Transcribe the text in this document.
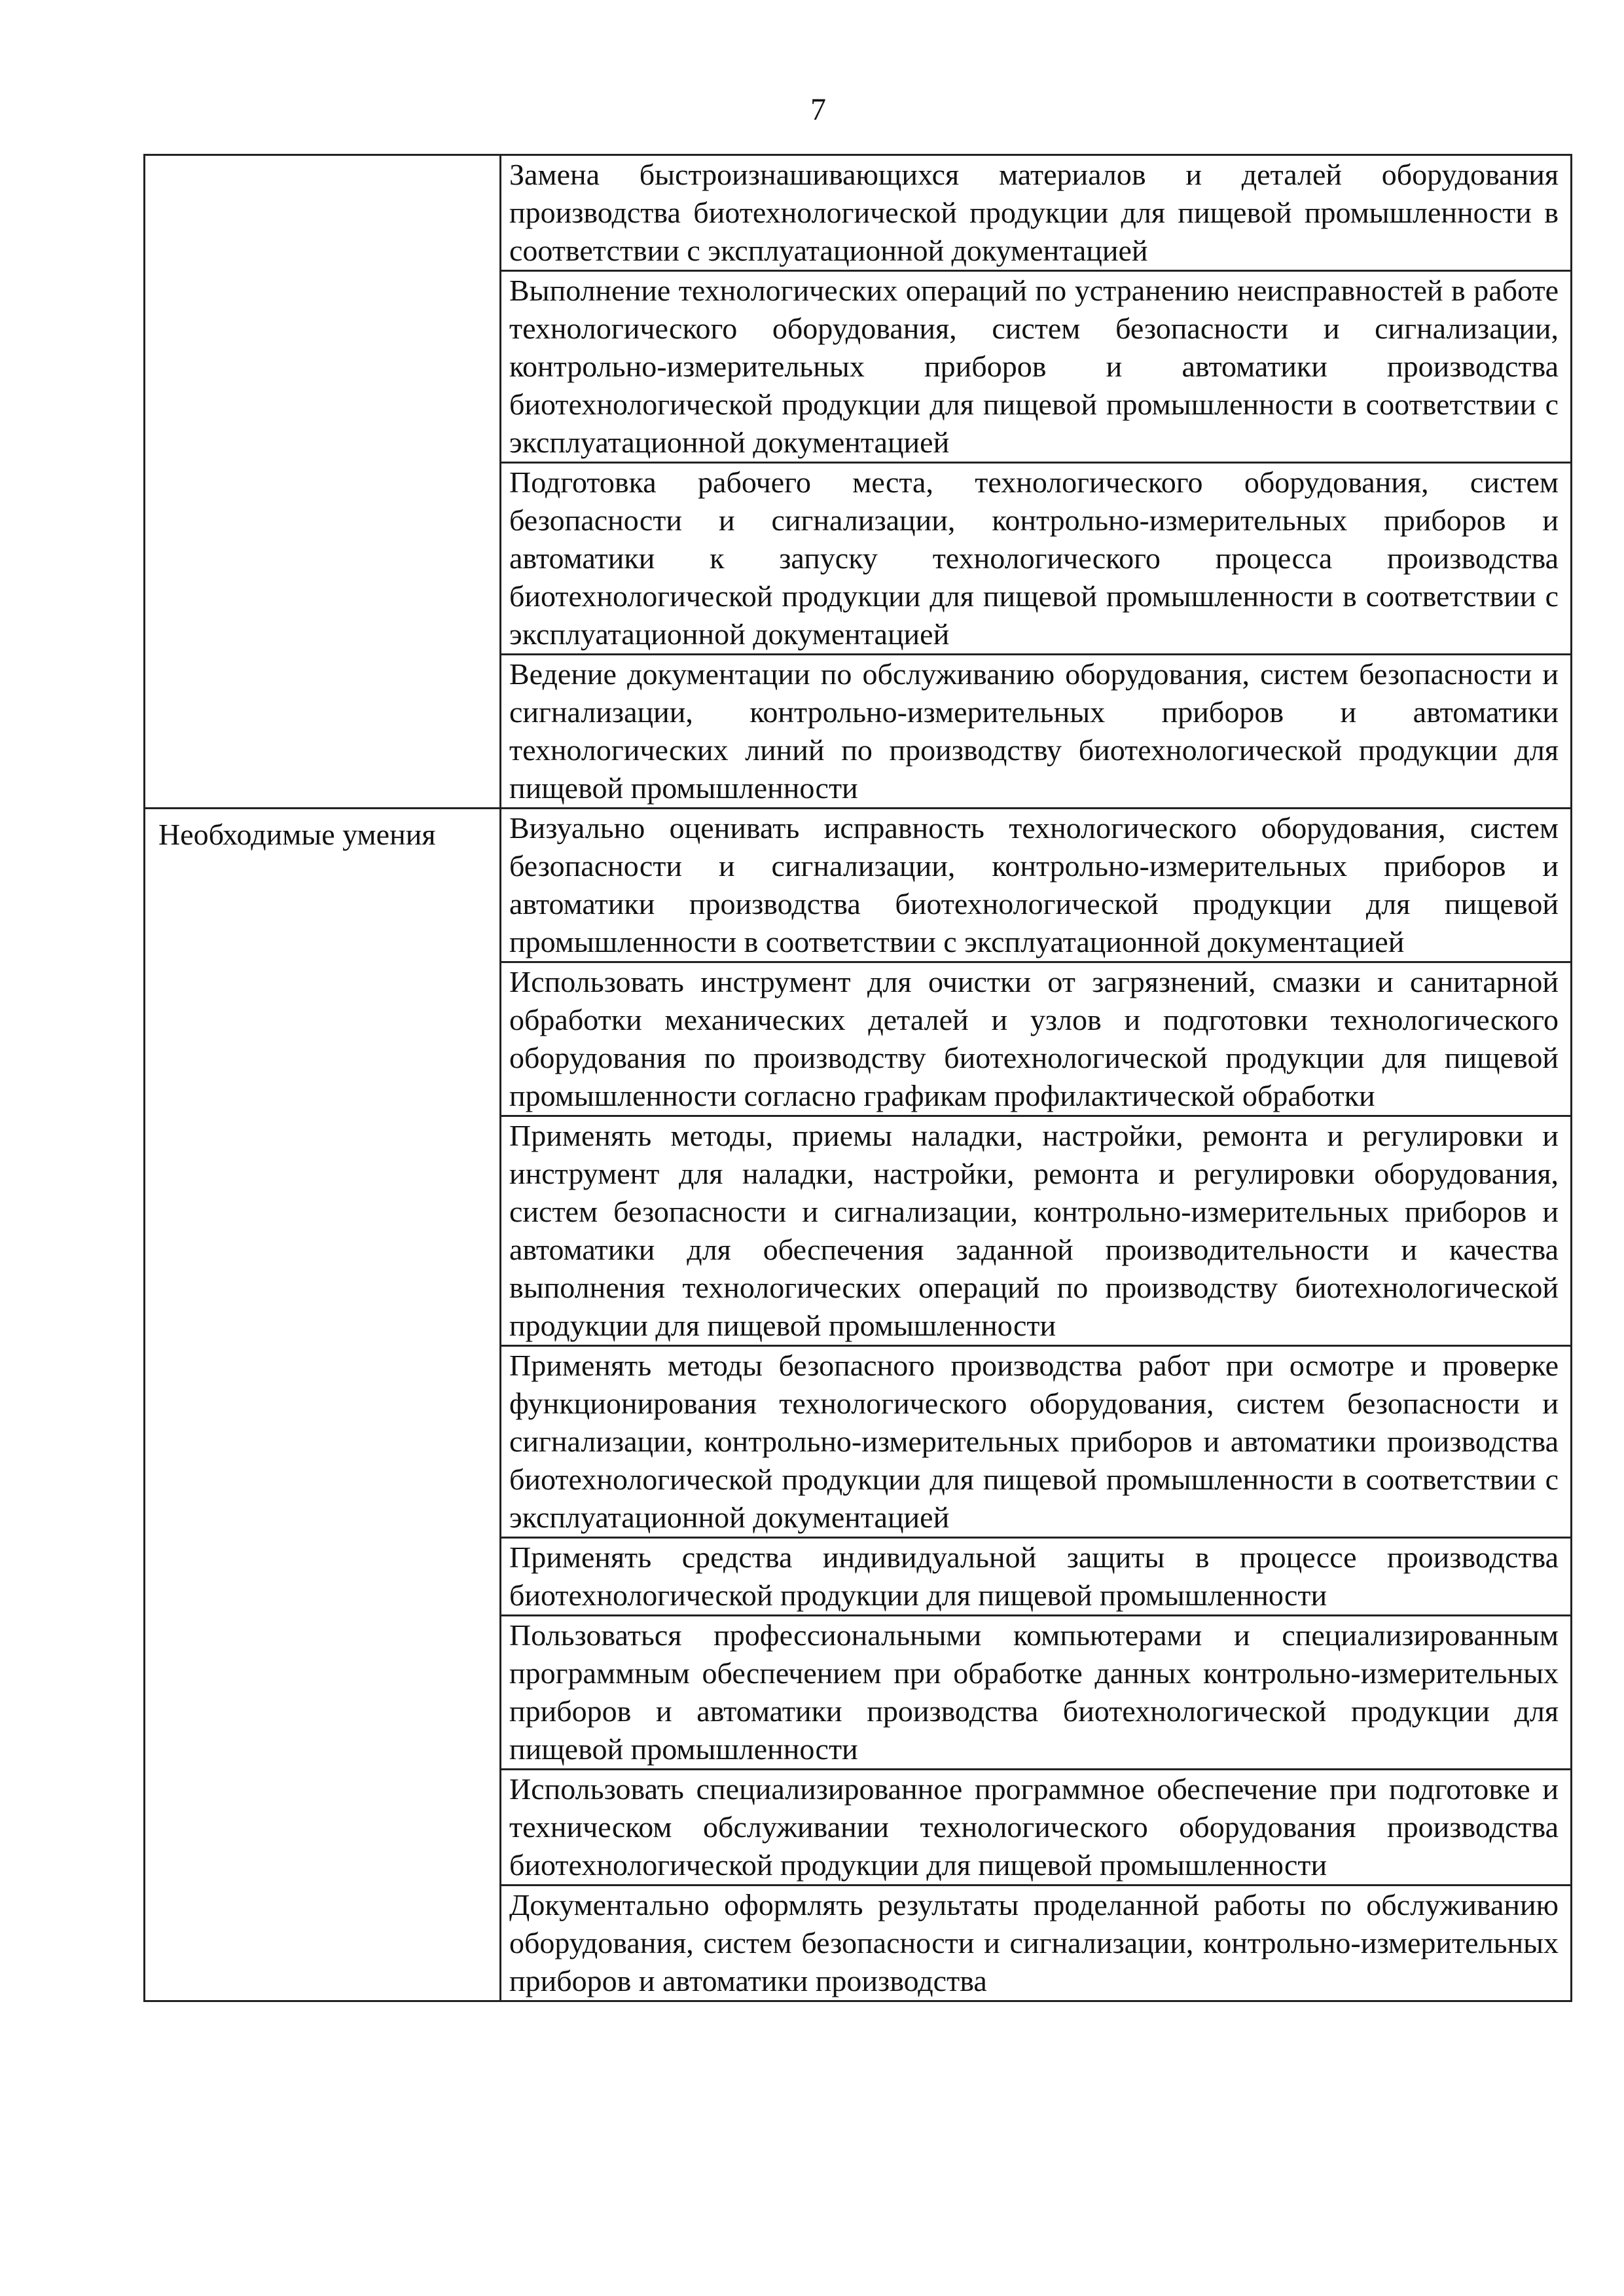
7

	Замена быстроизнашивающихся материалов и деталей оборудования производства биотехнологической продукции для пищевой промышленности в соответствии с эксплуатационной документацией

	Выполнение технологических операций по устранению неисправностей в работе технологического оборудования, систем безопасности и сигнализации, контрольно-измерительных приборов и автоматики производства биотехнологической продукции для пищевой промышленности в соответствии с эксплуатационной документацией

	Подготовка рабочего места, технологического оборудования, систем безопасности и сигнализации, контрольно-измерительных приборов и автоматики к запуску технологического процесса производства биотехнологической продукции для пищевой промышленности в соответствии с эксплуатационной документацией

	Ведение документации по обслуживанию оборудования, систем безопасности и сигнализации, контрольно-измерительных приборов и автоматики технологических линий по производству биотехнологической продукции для пищевой промышленности

Необходимые умения	Визуально оценивать исправность технологического оборудования, систем безопасности и сигнализации, контрольно-измерительных приборов и автоматики производства биотехнологической продукции для пищевой промышленности в соответствии с эксплуатационной документацией

	Использовать инструмент для очистки от загрязнений, смазки и санитарной обработки механических деталей и узлов и подготовки технологического оборудования по производству биотехнологической продукции для пищевой промышленности согласно графикам профилактической обработки

	Применять методы, приемы наладки, настройки, ремонта и регулировки и инструмент для наладки, настройки, ремонта и регулировки оборудования, систем безопасности и сигнализации, контрольно-измерительных приборов и автоматики для обеспечения заданной производительности и качества выполнения технологических операций по производству биотехнологической продукции для пищевой промышленности

	Применять методы безопасного производства работ при осмотре и проверке функционирования технологического оборудования, систем безопасности и сигнализации, контрольно-измерительных приборов и автоматики производства биотехнологической продукции для пищевой промышленности в соответствии с эксплуатационной документацией

	Применять средства индивидуальной защиты в процессе производства биотехнологической продукции для пищевой промышленности

	Пользоваться профессиональными компьютерами и специализированным программным обеспечением при обработке данных контрольно-измерительных приборов и автоматики производства биотехнологической продукции для пищевой промышленности

	Использовать специализированное программное обеспечение при подготовке и техническом обслуживании технологического оборудования производства биотехнологической продукции для пищевой промышленности

	Документально оформлять результаты проделанной работы по обслуживанию оборудования, систем безопасности и сигнализации, контрольно-измерительных приборов и автоматики производства
